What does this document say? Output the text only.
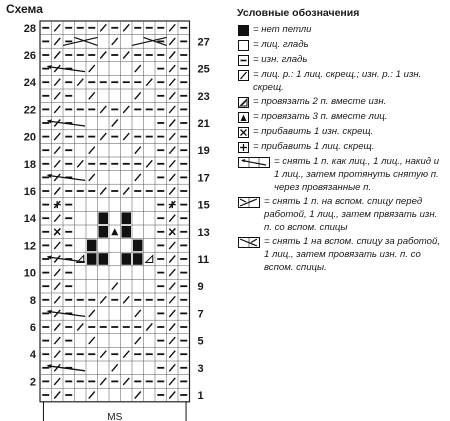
Схема
28
26
24
22
20
18
16
14
12
10
8
6
4
2
27
25
23
21
19
17
15
13
11
9
7
5
3
1
MS
Условные обозначения
= нет петли
= лиц. гладь
= изн. гладь
= лиц. р.: 1 лиц. скрещ.; изн. р.: 1 изн. скрещ.
= провязать 2 п. вместе изн.
= провязать 3 п. вместе лиц.
= прибавить 1 изн. скрещ.
= прибавить 1 лиц. скрещ.
= снять 1 п. как лиц., 1 лиц., накид и 1 лиц., затем протянуть снятую п. через провязанные п.
= снять 1 п. на вспом. спицу перед работой, 1 лиц., затем првязать изн. п. со вспом. спицы
= снять 1 на вспом. спицу за работой, 1 лиц., затем провязать изн. п. со вспом. спицы.
